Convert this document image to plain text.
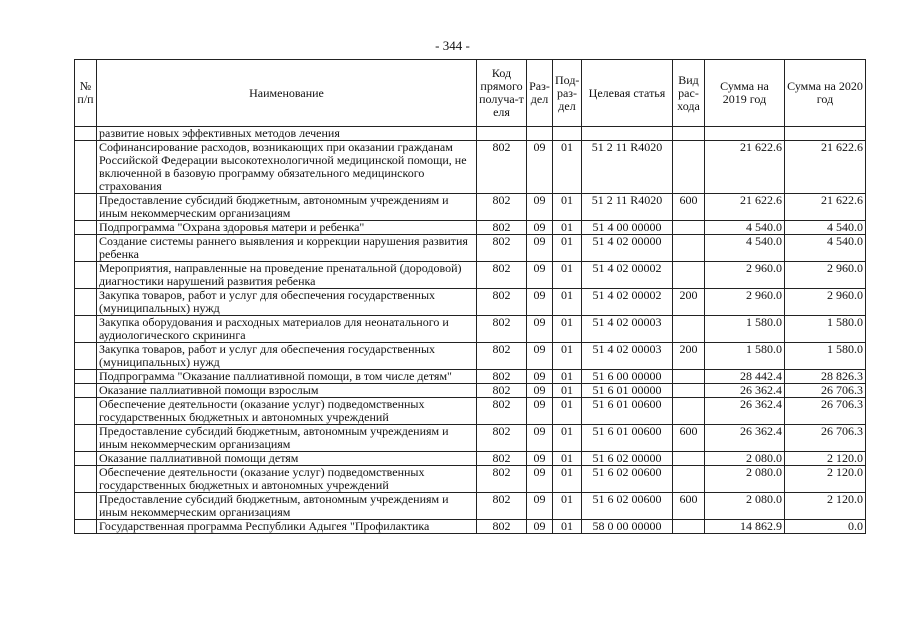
- 344 -
№ п/п	Наименование	Код прямого получа-т еля	Раз-дел	Под-раз-дел	Целевая статья	Вид рас-хода	Сумма на 2019 год	Сумма на 2020 год
	развитие новых эффективных методов лечения							
	Софинансирование расходов, возникающих при оказании гражданам Российской Федерации высокотехнологичной медицинской помощи, не включенной в базовую программу обязательного медицинского страхования	802	09	01	51 2 11 R4020		21 622.6	21 622.6
	Предоставление субсидий бюджетным, автономным учреждениям и иным некоммерческим организациям	802	09	01	51 2 11 R4020	600	21 622.6	21 622.6
	Подпрограмма "Охрана здоровья матери и ребенка"	802	09	01	51 4 00 00000		4 540.0	4 540.0
	Создание системы раннего выявления и коррекции нарушения развития ребенка	802	09	01	51 4 02 00000		4 540.0	4 540.0
	Мероприятия, направленные на проведение пренатальной (дородовой) диагностики нарушений развития ребенка	802	09	01	51 4 02 00002		2 960.0	2 960.0
	Закупка товаров, работ и услуг для обеспечения государственных (муниципальных) нужд	802	09	01	51 4 02 00002	200	2 960.0	2 960.0
	Закупка оборудования и расходных материалов для неонатального и аудиологического скрининга	802	09	01	51 4 02 00003		1 580.0	1 580.0
	Закупка товаров, работ и услуг для обеспечения государственных (муниципальных) нужд	802	09	01	51 4 02 00003	200	1 580.0	1 580.0
	Подпрограмма "Оказание паллиативной помощи, в том числе детям"	802	09	01	51 6 00 00000		28 442.4	28 826.3
	Оказание паллиативной помощи взрослым	802	09	01	51 6 01 00000		26 362.4	26 706.3
	Обеспечение деятельности (оказание услуг) подведомственных государственных бюджетных и автономных учреждений	802	09	01	51 6 01 00600		26 362.4	26 706.3
	Предоставление субсидий бюджетным, автономным учреждениям и иным некоммерческим организациям	802	09	01	51 6 01 00600	600	26 362.4	26 706.3
	Оказание паллиативной помощи детям	802	09	01	51 6 02 00000		2 080.0	2 120.0
	Обеспечение деятельности (оказание услуг) подведомственных государственных бюджетных и автономных учреждений	802	09	01	51 6 02 00600		2 080.0	2 120.0
	Предоставление субсидий бюджетным, автономным учреждениям и иным некоммерческим организациям	802	09	01	51 6 02 00600	600	2 080.0	2 120.0
	Государственная программа Республики Адыгея "Профилактика	802	09	01	58 0 00 00000		14 862.9	0.0
